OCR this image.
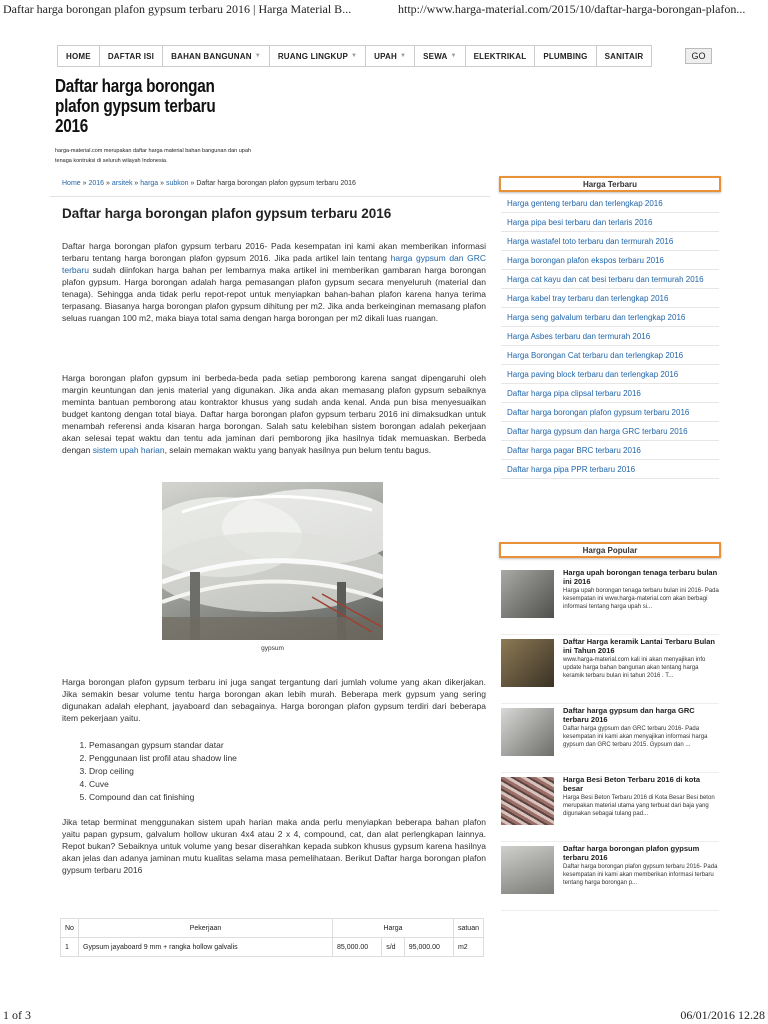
Daftar harga borongan plafon gypsum terbaru 2016 | Harga Material B...	http://www.harga-material.com/2015/10/daftar-harga-borongan-plafon...
HOME DAFTAR ISI BAHAN BANGUNAN ▼ RUANG LINGKUP ▼ UPAH ▼ SEWA ▼ ELEKTRIKAL PLUMBING SANITAIR	GO
Daftar harga borongan plafon gypsum terbaru 2016
harga-material.com merupakan daftar harga material bahan bangunan dan upah tenaga kontruksi di seluruh wilayah Indonesia.
Home » 2016 » arsitek » harga » subkon » Daftar harga borongan plafon gypsum terbaru 2016
Daftar harga borongan plafon gypsum terbaru 2016

Daftar harga borongan plafon gypsum terbaru 2016- Pada kesempatan ini kami akan memberikan informasi terbaru tentang harga borongan plafon gypsum 2016. Jika pada artikel lain tentang harga gypsum dan GRC terbaru sudah diinfokan harga bahan per lembarnya maka artikel ini memberikan gambaran harga borongan plafon gypsum. Harga borongan adalah harga pemasangan plafon gypsum secara menyeluruh (material dan tenaga). Sehingga anda tidak perlu repot-repot untuk menyiapkan bahan-bahan plafon karena hanya terima terpasang. Biasanya harga borongan plafon gypsum dihitung per m2. Jika anda berkeinginan memasang plafon seluas ruangan 100 m2, maka biaya total sama dengan harga borongan per m2 dikali luas ruangan.

Harga borongan plafon gypsum ini berbeda-beda pada setiap pemborong karena sangat dipengaruhi oleh margin keuntungan dan jenis material yang digunakan. Jika anda akan memasang plafon gypsum sebaiknya meminta bantuan pemborong atau kontraktor khusus yang sudah anda kenal. Anda pun bisa menyesuaikan budget kantong dengan total biaya. Daftar harga borongan plafon gypsum terbaru 2016 ini dimaksudkan untuk menambah referensi anda kisaran harga borongan. Salah satu kelebihan sistem borongan adalah pekerjaan akan selesai tepat waktu dan tentu ada jaminan dari pemborong jika hasilnya tidak memuaskan. Berbeda dengan sistem upah harian, selain memakan waktu yang banyak hasilnya pun belum tentu bagus.

gypsum

Harga borongan plafon gypsum terbaru ini juga sangat tergantung dari jumlah volume yang akan dikerjakan. Jika semakin besar volume tentu harga borongan akan lebih murah. Beberapa merk gypsum yang sering digunakan adalah elephant, jayaboard dan sebagainya. Harga borongan plafon gypsum terdiri dari beberapa item pekerjaan yaitu.

1. Pemasangan gypsum standar datar
2. Penggunaan list profil atau shadow line
3. Drop ceiling
4. Cuve
5. Compound dan cat finishing

Jika tetap berminat menggunakan sistem upah harian maka anda perlu menyiapkan beberapa bahan plafon yaitu papan gypsum, galvalum hollow ukuran 4x4 atau 2 x 4, compound, cat, dan alat perlengkapan lainnya. Repot bukan? Sebaiknya untuk volume yang besar diserahkan kepada subkon khusus gypsum karena hasilnya akan jelas dan adanya jaminan mutu kualitas selama masa pemelihataan. Berikut Daftar harga borongan plafon gypsum terbaru 2016

No	Pekerjaan	Harga			satuan
1	Gypsum jayaboard 9 mm + rangka hollow galvalis	85,000.00	s/d	95,000.00	m2
Harga Terbaru
Harga genteng terbaru dan terlengkap 2016
Harga pipa besi terbaru dan terlaris 2016
Harga wastafel toto terbaru dan termurah 2016
Harga borongan plafon ekspos terbaru 2016
Harga cat kayu dan cat besi terbaru dan termurah 2016
Harga kabel tray terbaru dan terlengkap 2016
Harga seng galvalum terbaru dan terlengkap 2016
Harga Asbes terbaru dan termurah 2016
Harga Borongan Cat terbaru dan terlengkap 2016
Harga paving block terbaru dan terlengkap 2016
Daftar harga pipa clipsal terbaru 2016
Daftar harga borongan plafon gypsum terbaru 2016
Daftar harga gypsum dan harga GRC terbaru 2016
Daftar harga pagar BRC terbaru 2016
Daftar harga pipa PPR terbaru 2016
Harga Popular
Harga upah borongan tenaga terbaru bulan ini 2016
Harga upah borongan tenaga terbaru bulan ini 2016- Pada kesempatan ini www.harga-material.com akan berbagi informasi tentang harga upah si...
Daftar Harga keramik Lantai Terbaru Bulan ini Tahun 2016
www.harga-material.com kali ini akan menyajikan info update harga bahan bangunan akan tentang harga keramik terbaru bulan ini tahun 2016 . T...
Daftar harga gypsum dan harga GRC terbaru 2016
Daftar harga gypsum dan GRC terbaru 2016- Pada kesempatan ini kami akan menyajikan informasi harga gypsum dan GRC terbaru 2015. Gypsum dan ...
Harga Besi Beton Terbaru 2016 di kota besar
Harga Besi Beton Terbaru 2016 di Kota Besar Besi beton merupakan material utama yang terbuat dari baja yang digunakan sebagai tulang pad...
Daftar harga borongan plafon gypsum terbaru 2016
Daftar harga borongan plafon gypsum terbaru 2016- Pada kesempatan ini kami akan memberikan informasi terbaru tentang harga borongan p...
1 of 3	06/01/2016 12.28
